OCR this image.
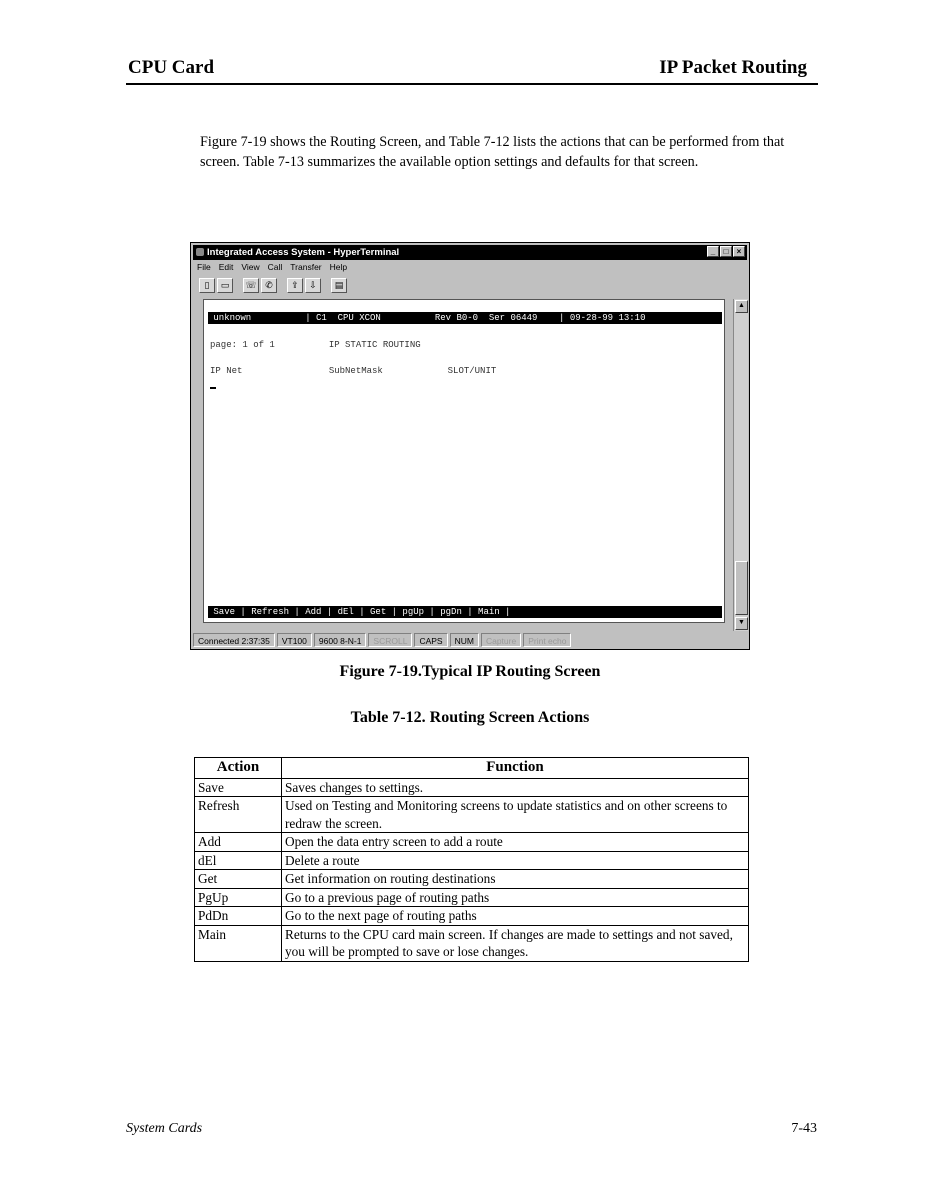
CPU Card	IP Packet Routing

Figure 7-19 shows the Routing Screen, and Table 7-12 lists the actions that can be performed from that screen. Table 7-13 summarizes the available option settings and defaults for that screen.

Integrated Access System - HyperTerminal	_	□	×
File Edit View Call Transfer Help
▯	▭	☏ ✆	⇪	⇩	▤
unknown          | C1  CPU XCON          Rev B0-0  Ser 06449    | 09-28-99 13:10
page: 1 of 1          IP STATIC ROUTING
IP Net                SubNetMask            SLOT/UNIT
Save | Refresh | Add | dEl | Get | pgUp | pgDn | Main |
▲
▼
Connected 2:37:35	VT100	9600 8-N-1	SCROLL	CAPS	NUM	Capture	Print echo
Figure 7-19.Typical IP Routing Screen
Table 7-12. Routing Screen Actions
Action	Function
Save	Saves changes to settings.
Refresh	Used on Testing and Monitoring screens to update statistics and on other screens to redraw the screen.
Add	Open the data entry screen to add a route
dEl	Delete a route
Get	Get information on routing destinations
PgUp	Go to a previous page of routing paths
PdDn	Go to the next page of routing paths
Main	Returns to the CPU card main screen. If changes are made to settings and not saved, you will be prompted to save or lose changes.
System Cards	7-43
